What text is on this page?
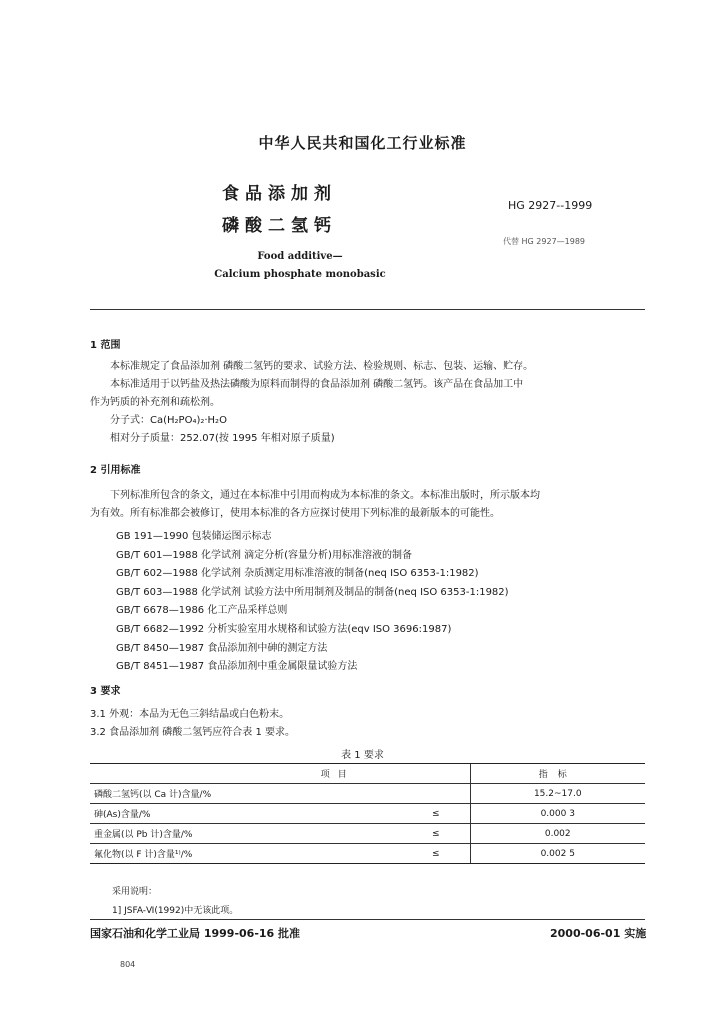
中华人民共和国化工行业标准
食品添加剂
磷酸二氢钙
HG 2927--1999
代替 HG 2927—1989
Food additive—
Calcium phosphate monobasic
1 范围
本标准规定了食品添加剂 磷酸二氢钙的要求、试验方法、检验规则、标志、包装、运输、贮存。
本标准适用于以钙盐及热法磷酸为原料而制得的食品添加剂 磷酸二氢钙。该产品在食品加工中
作为钙质的补充剂和疏松剂。
分子式：Ca(H₂PO₄)₂·H₂O
相对分子质量：252.07(按 1995 年相对原子质量)
2 引用标准
下列标准所包含的条文，通过在本标准中引用而构成为本标准的条文。本标准出版时，所示版本均
为有效。所有标准都会被修订，使用本标准的各方应探讨使用下列标准的最新版本的可能性。
GB 191—1990 包装储运图示标志
GB/T 601—1988 化学试剂 滴定分析(容量分析)用标准溶液的制备
GB/T 602—1988 化学试剂 杂质测定用标准溶液的制备(neq ISO 6353-1:1982)
GB/T 603—1988 化学试剂 试验方法中所用制剂及制品的制备(neq ISO 6353-1:1982)
GB/T 6678—1986 化工产品采样总则
GB/T 6682—1992 分析实验室用水规格和试验方法(eqv ISO 3696:1987)
GB/T 8450—1987 食品添加剂中砷的测定方法
GB/T 8451—1987 食品添加剂中重金属限量试验方法
3 要求
3.1 外观：本品为无色三斜结晶或白色粉末。
3.2 食品添加剂 磷酸二氢钙应符合表 1 要求。
表 1 要求
项目		指标
磷酸二氢钙(以 Ca 计)含量/%		15.2~17.0
砷(As)含量/%	≤	0.000 3
重金属(以 Pb 计)含量/%	≤	0.002
氟化物(以 F 计)含量¹⁾/%	≤	0.002 5
采用说明：
1] JSFA-Ⅵ(1992)中无该此项。
国家石油和化学工业局 1999-06-16 批准	2000-06-01 实施
804
